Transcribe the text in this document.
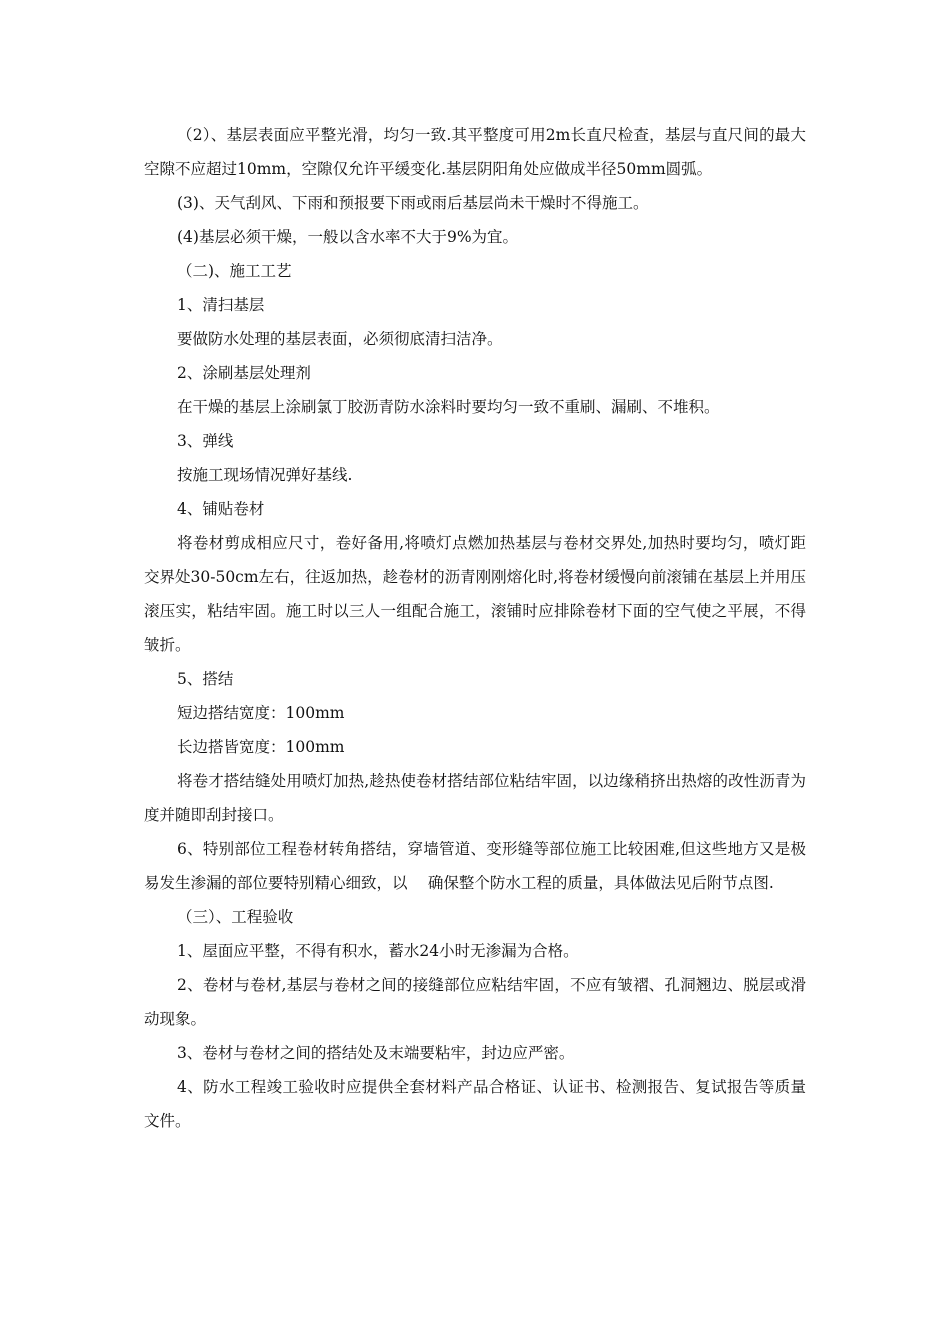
（2）、基层表面应平整光滑，均匀一致.其平整度可用2m长直尺检查，基层与直尺间的最大空隙不应超过10mm，空隙仅允许平缓变化.基层阴阳角处应做成半径50mm圆弧。

(3)、天气刮风、下雨和预报要下雨或雨后基层尚未干燥时不得施工。

(4)基层必须干燥，一般以含水率不大于9%为宜。

（二)、施工工艺

1、清扫基层

要做防水处理的基层表面，必须彻底清扫洁净。

2、涂刷基层处理剂

在干燥的基层上涂刷氯丁胶沥青防水涂料时要均匀一致不重刷、漏刷、不堆积。

3、弹线

按施工现场情况弹好基线.

4、铺贴卷材

将卷材剪成相应尺寸，卷好备用,将喷灯点燃加热基层与卷材交界处,加热时要均匀，喷灯距交界处30-50cm左右，往返加热，趁卷材的沥青刚刚熔化时,将卷材缓慢向前滚铺在基层上并用压滚压实，粘结牢固。施工时以三人一组配合施工，滚铺时应排除卷材下面的空气使之平展，不得皱折。

5、搭结

短边搭结宽度：100mm

长边搭皆宽度：100mm

将卷才搭结缝处用喷灯加热,趁热使卷材搭结部位粘结牢固，以边缘稍挤出热熔的改性沥青为度并随即刮封接口。

6、特别部位工程卷材转角搭结，穿墙管道、变形缝等部位施工比较困难,但这些地方又是极易发生渗漏的部位要特别精心细致，以　 确保整个防水工程的质量，具体做法见后附节点图.

（三）、工程验收

1、屋面应平整，不得有积水，蓄水24小时无渗漏为合格。

2、卷材与卷材,基层与卷材之间的接缝部位应粘结牢固，不应有皱褶、孔洞翘边、脱层或滑动现象。

3、卷材与卷材之间的搭结处及末端要粘牢，封边应严密。

4、防水工程竣工验收时应提供全套材料产品合格证、认证书、检测报告、复试报告等质量文件。
